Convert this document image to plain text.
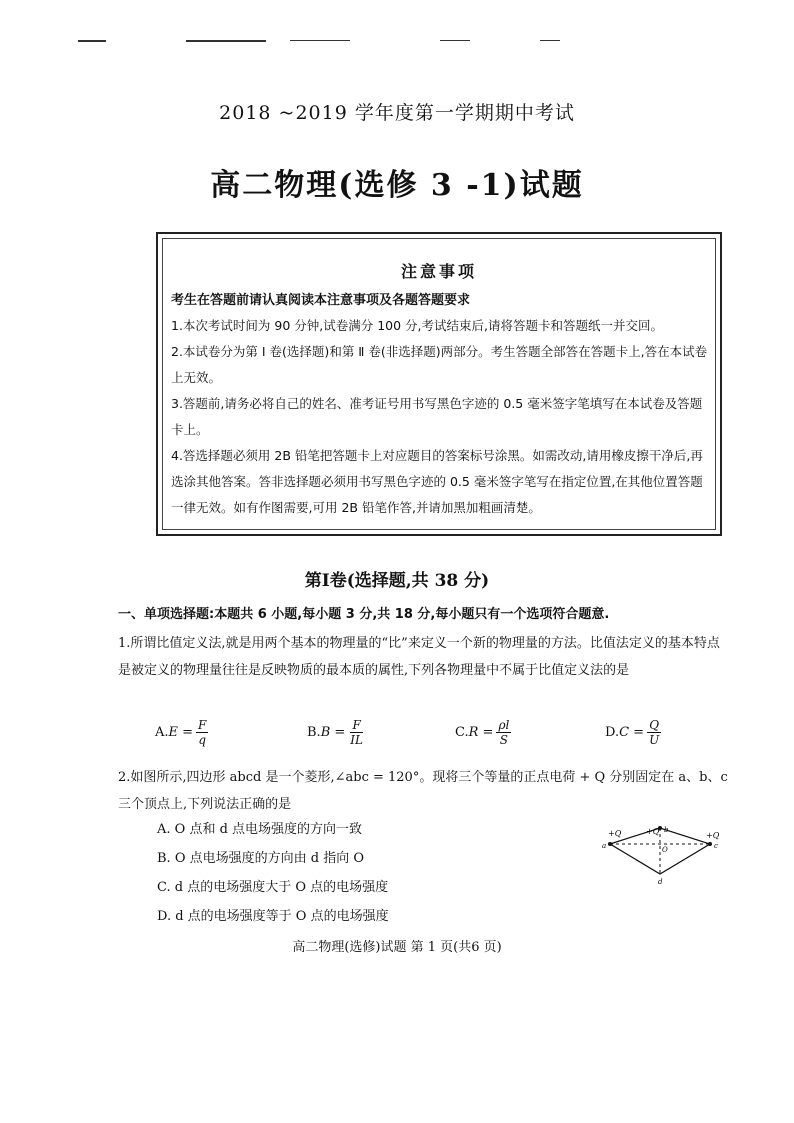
2018 ~2019 学年度第一学期期中考试
高二物理(选修 3 -1)试题
注意事项
考生在答题前请认真阅读本注意事项及各题答题要求
1.本次考试时间为 90 分钟,试卷满分 100 分,考试结束后,请将答题卡和答题纸一并交回。
2.本试卷分为第 Ⅰ 卷(选择题)和第 Ⅱ 卷(非选择题)两部分。考生答题全部答在答题卡上,答在本试卷上无效。
3.答题前,请务必将自己的姓名、准考证号用书写黑色字迹的 0.5 毫米签字笔填写在本试卷及答题卡上。
4.答选择题必须用 2B 铅笔把答题卡上对应题目的答案标号涂黑。如需改动,请用橡皮擦干净后,再选涂其他答案。答非选择题必须用书写黑色字迹的 0.5 毫米签字笔写在指定位置,在其他位置答题一律无效。如有作图需要,可用 2B 铅笔作答,并请加黑加粗画清楚。
第Ⅰ卷(选择题,共 38 分)
一、单项选择题:本题共 6 小题,每小题 3 分,共 18 分,每小题只有一个选项符合题意.
1.所谓比值定义法,就是用两个基本的物理量的“比”来定义一个新的物理量的方法。比值法定义的基本特点是被定义的物理量往往是反映物质的最本质的属性,下列各物理量中不属于比值定义法的是
A. $E = \frac{F}{q}$	B. $B = \frac{F}{IL}$	C. $R = \frac{\rho l}{S}$	D. $C = \frac{Q}{U}$
2.如图所示,四边形 abcd 是一个菱形,∠abc = 120°。现将三个等量的正点电荷 + Q 分别固定在 a、b、c 三个顶点上,下列说法正确的是
A. O 点和 d 点电场强度的方向一致
B. O 点电场强度的方向由 d 指向 O
C. d 点的电场强度大于 O 点的电场强度
D. d 点的电场强度等于 O 点的电场强度
+Q	+Q	+Q
a
b
c
d
O
高二物理(选修)试题 第 1 页(共6 页)
